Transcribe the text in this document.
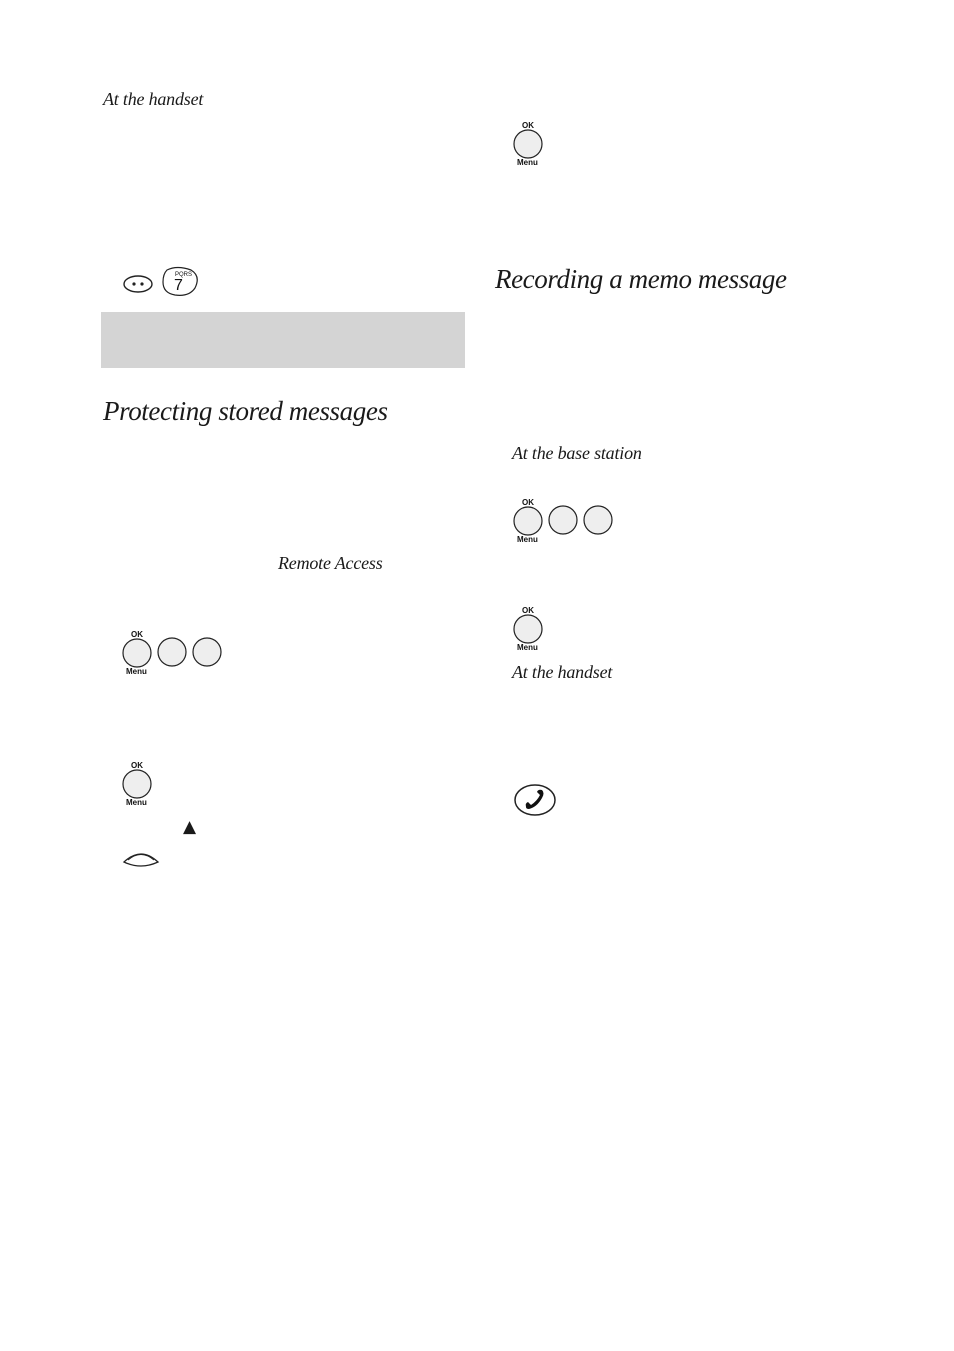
At the handset
7
PQRS
Protecting stored messages
Remote Access
OK
Menu
OK
Menu
▲
OK
Menu
Recording a memo message
At the base station
OK
Menu
OK
Menu
At the handset
